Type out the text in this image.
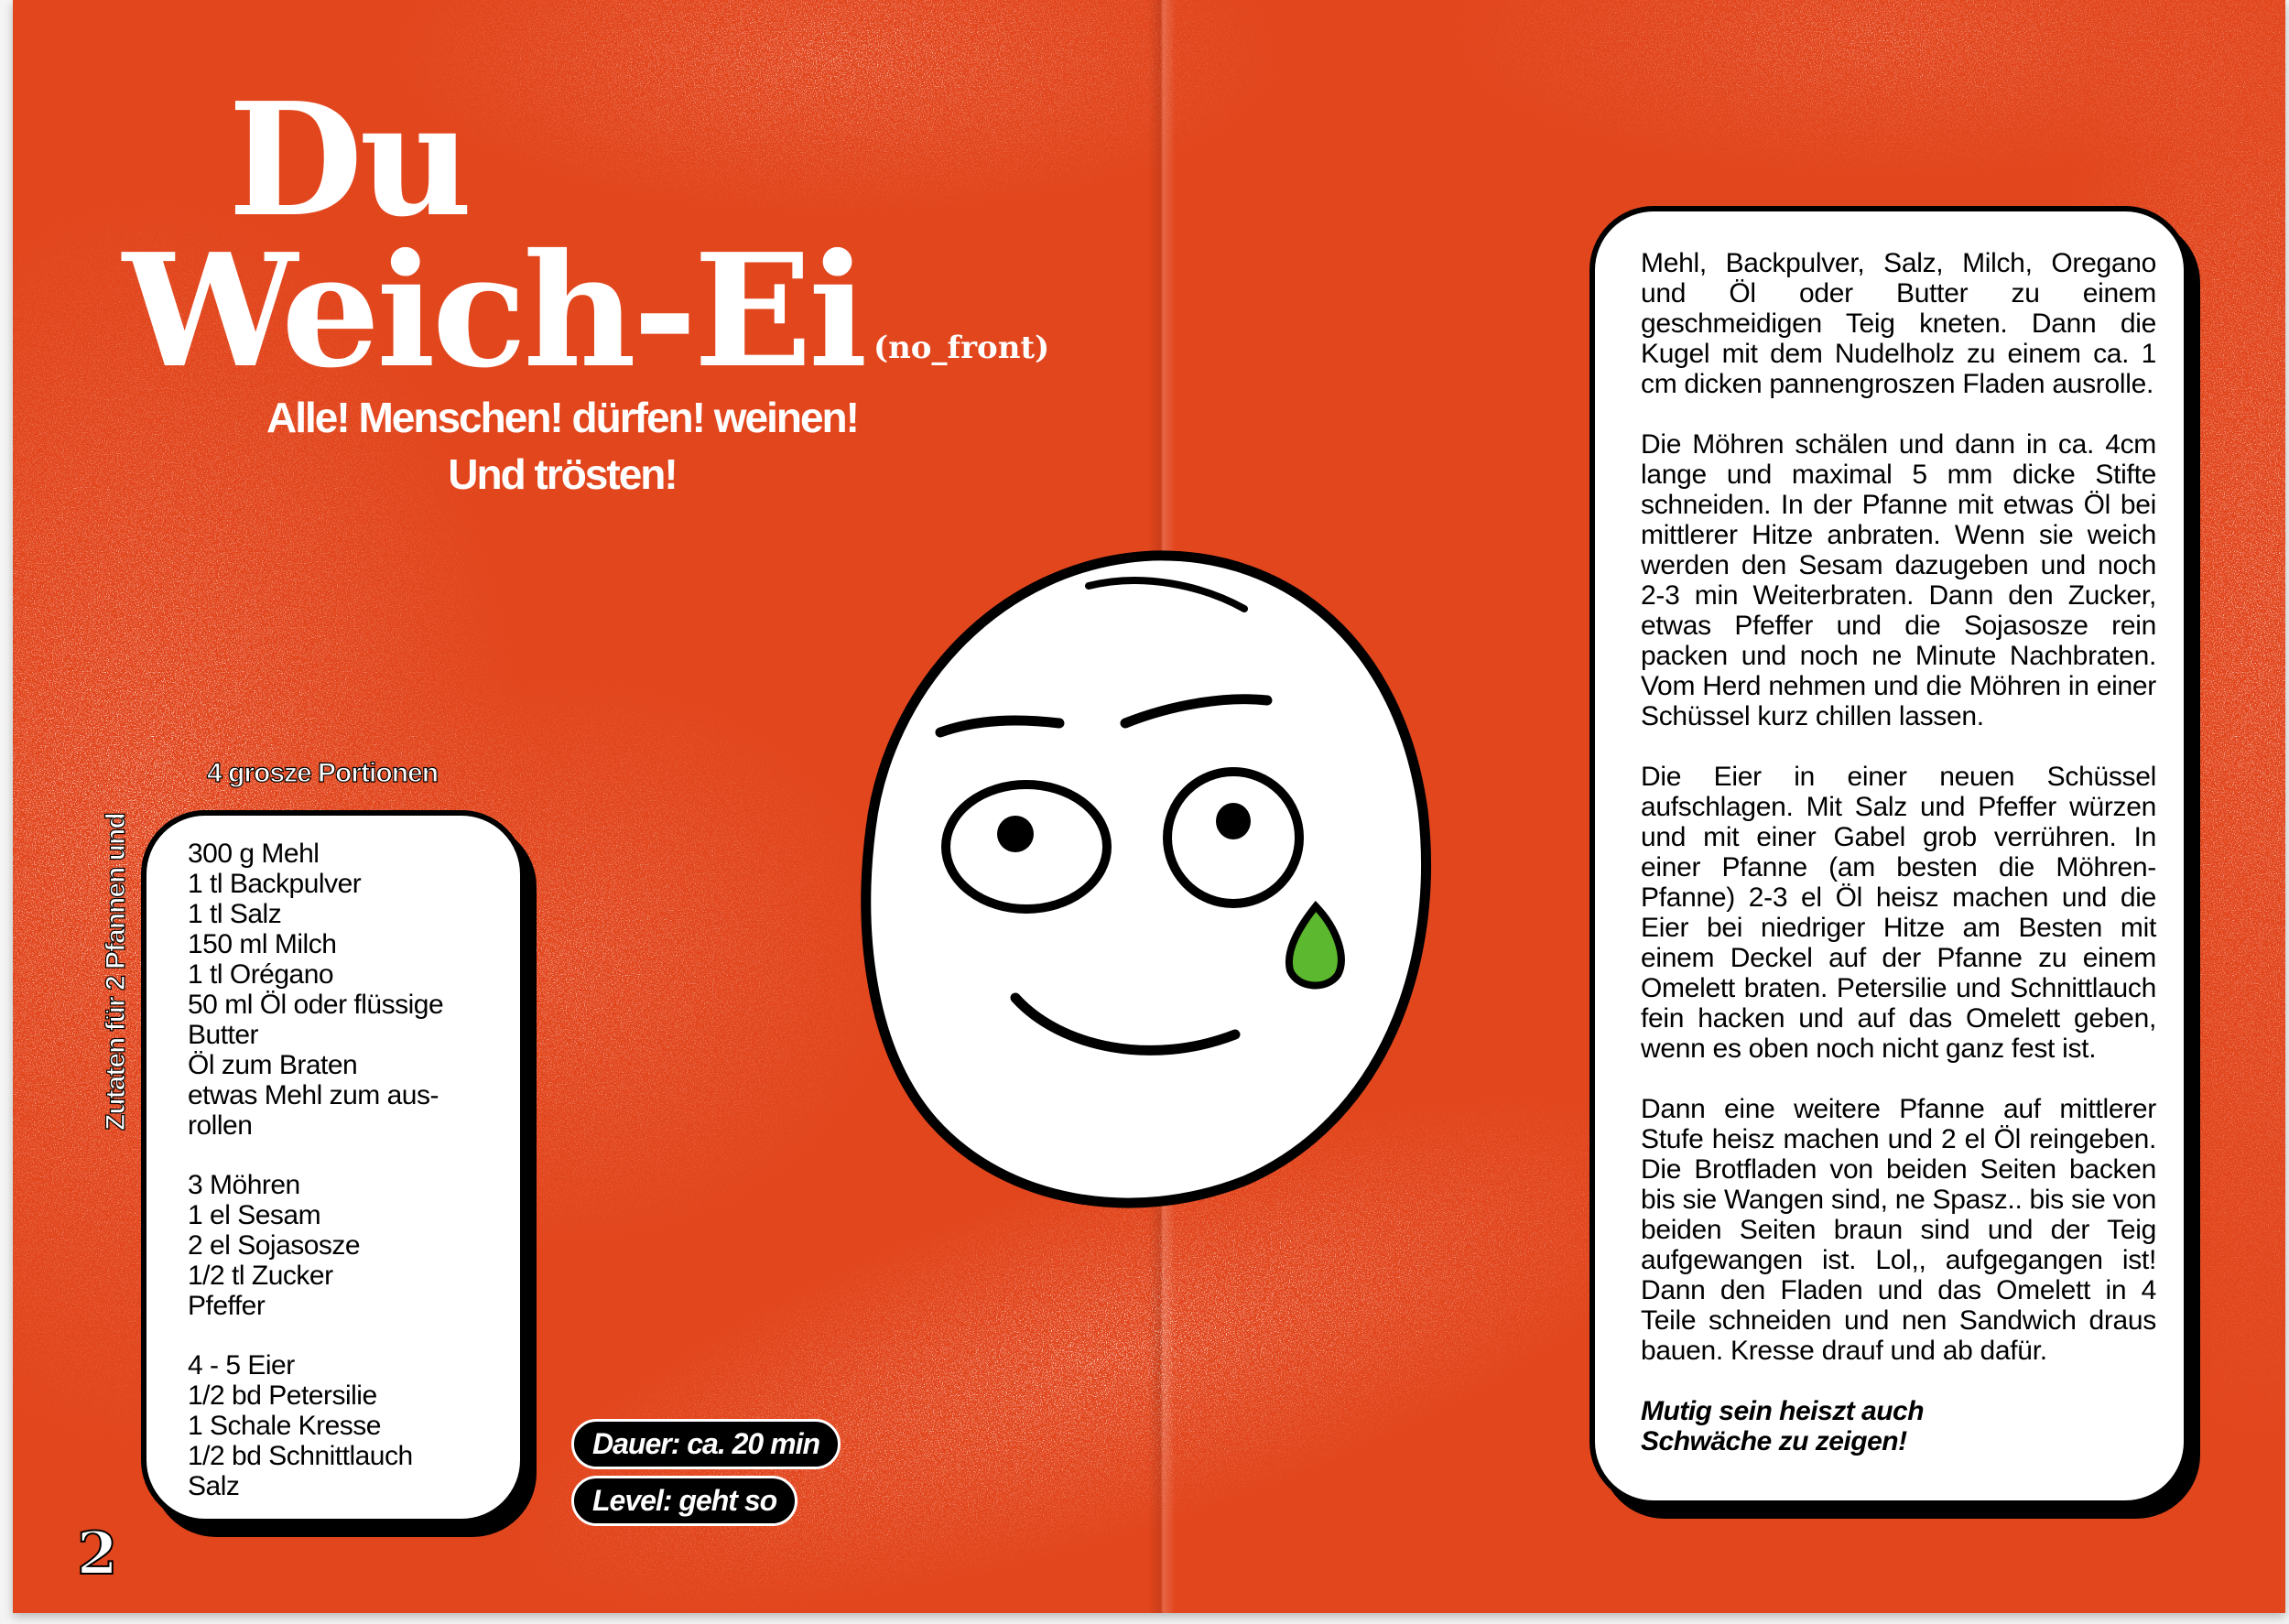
Du
Weich-Ei (no_front)

Alle! Menschen! dürfen! weinen!
Und trösten!

4 grosze Portionen

Zutaten für 2 Pfannen und 300 g Mehl
1 tl Backpulver
1 tl Salz
150 ml Milch
1 tl Orégano
50 ml Öl oder flüssige
Butter
Öl zum Braten
etwas Mehl zum aus-
rollen
3 Möhren
1 el Sesam
2 el Sojasosze
1/2 tl Zucker
Pfeffer
4 - 5 Eier
1/2 bd Petersilie
1 Schale Kresse
1/2 bd Schnittlauch
Salz
Dauer: ca. 20 min
Level: geht so

2

Mehl, Backpulver, Salz, Milch, Oregano und Öl oder Butter zu einem geschmeidigen Teig kneten. Dann die Kugel mit dem Nudelholz zu einem ca. 1 cm dicken pannengroszen Fladen ausrolle.

Die Möhren schälen und dann in ca. 4cm lange und maximal 5 mm dicke Stifte schneiden. In der Pfanne mit etwas Öl bei mittlerer Hitze anbraten. Wenn sie weich werden den Sesam dazugeben und noch 2-3 min Weiterbraten. Dann den Zucker, etwas Pfeffer und die Sojasosze rein packen und noch ne Minute Nachbraten. Vom Herd nehmen und die Möhren in einer Schüssel kurz chillen lassen.

Die Eier in einer neuen Schüssel aufschlagen. Mit Salz und Pfeffer würzen und mit einer Gabel grob verrühren. In einer Pfanne (am besten die Möhren-Pfanne) 2-3 el Öl heisz machen und die Eier bei niedriger Hitze am Besten mit einem Deckel auf der Pfanne zu einem Omelett braten. Petersilie und Schnittlauch fein hacken und auf das Omelett geben, wenn es oben noch nicht ganz fest ist.

Dann eine weitere Pfanne auf mittlerer Stufe heisz machen und 2 el Öl reingeben. Die Brotfladen von beiden Seiten backen bis sie Wangen sind, ne Spasz.. bis sie von beiden Seiten braun sind und der Teig aufgewangen ist. Lol,, aufgegangen ist! Dann den Fladen und das Omelett in 4 Teile schneiden und nen Sandwich draus bauen. Kresse drauf und ab dafür.

Mutig sein heiszt auch
Schwäche zu zeigen!
